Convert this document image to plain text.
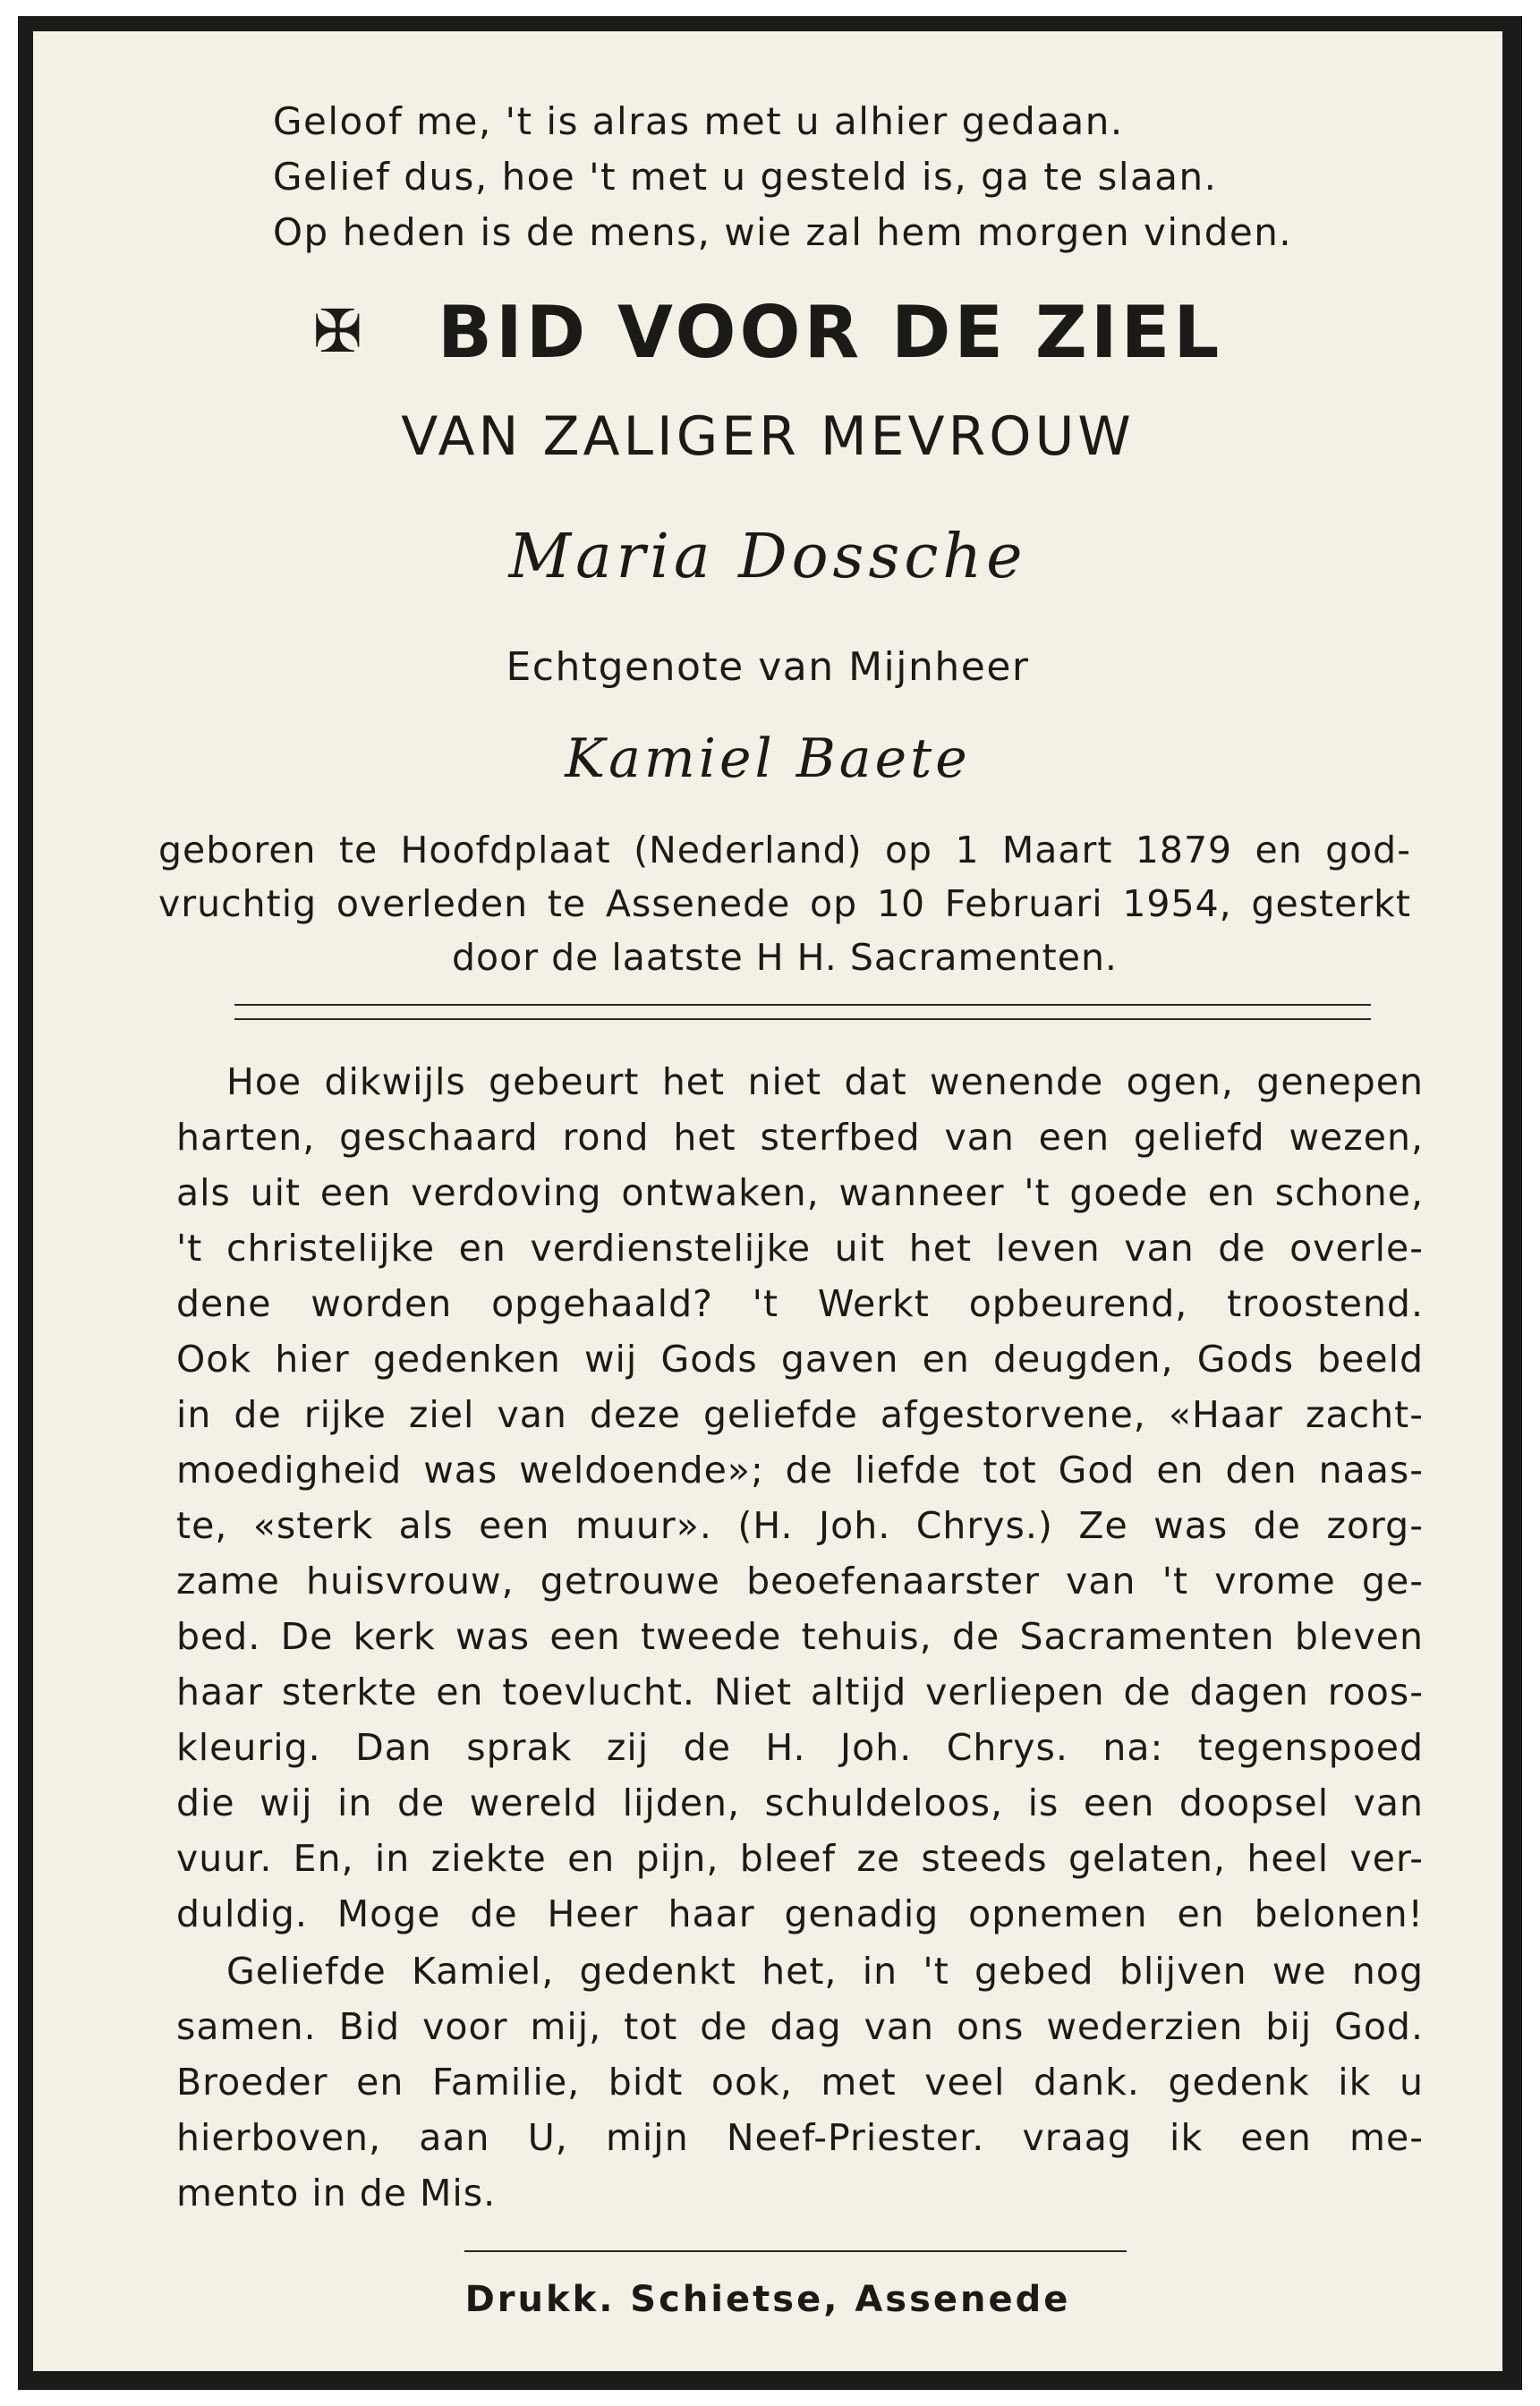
Geloof me, 't is alras met u alhier gedaan.
Gelief dus, hoe 't met u gesteld is, ga te slaan.
Op heden is de mens, wie zal hem morgen vinden.
✠ BID VOOR DE ZIEL
VAN ZALIGER MEVROUW
Maria Dossche
Echtgenote van Mijnheer
Kamiel Baete
geboren te Hoofdplaat (Nederland) op 1 Maart 1879 en god-
vruchtig overleden te Assenede op 10 Februari 1954, gesterkt
door de laatste H H. Sacramenten.
Hoe dikwijls gebeurt het niet dat wenende ogen, genepen
harten, geschaard rond het sterfbed van een geliefd wezen,
als uit een verdoving ontwaken, wanneer 't goede en schone,
't christelijke en verdienstelijke uit het leven van de overle-
dene worden opgehaald? 't Werkt opbeurend, troostend.
Ook hier gedenken wij Gods gaven en deugden, Gods beeld
in de rijke ziel van deze geliefde afgestorvene, «Haar zacht-
moedigheid was weldoende»; de liefde tot God en den naas-
te, «sterk als een muur». (H. Joh. Chrys.) Ze was de zorg-
zame huisvrouw, getrouwe beoefenaarster van 't vrome ge-
bed. De kerk was een tweede tehuis, de Sacramenten bleven
haar sterkte en toevlucht. Niet altijd verliepen de dagen roos-
kleurig. Dan sprak zij de H. Joh. Chrys. na: tegenspoed
die wij in de wereld lijden, schuldeloos, is een doopsel van
vuur. En, in ziekte en pijn, bleef ze steeds gelaten, heel ver-
duldig. Moge de Heer haar genadig opnemen en belonen!
Geliefde Kamiel, gedenkt het, in 't gebed blijven we nog
samen. Bid voor mij, tot de dag van ons wederzien bij God.
Broeder en Familie, bidt ook, met veel dank. gedenk ik u
hierboven, aan U, mijn Neef-Priester. vraag ik een me-
mento in de Mis.
Drukk. Schietse, Assenede
